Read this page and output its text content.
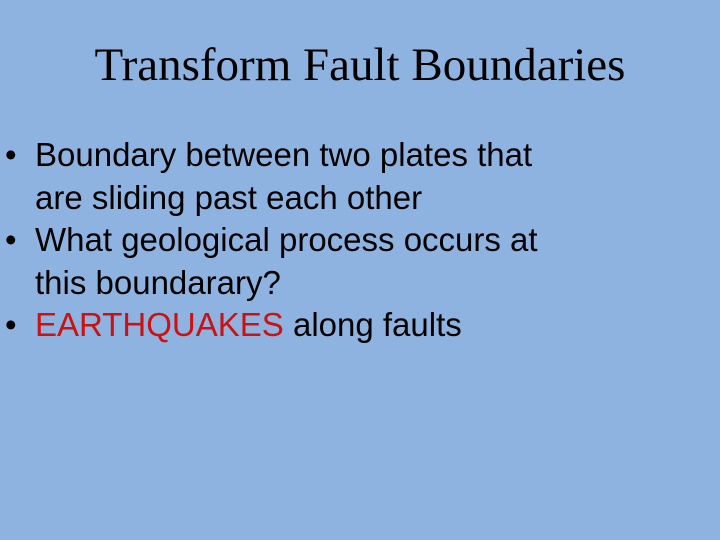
Transform Fault Boundaries
• Boundary between two plates that
are sliding past each other
• What geological process occurs at
this boundarary?
• EARTHQUAKES along faults
